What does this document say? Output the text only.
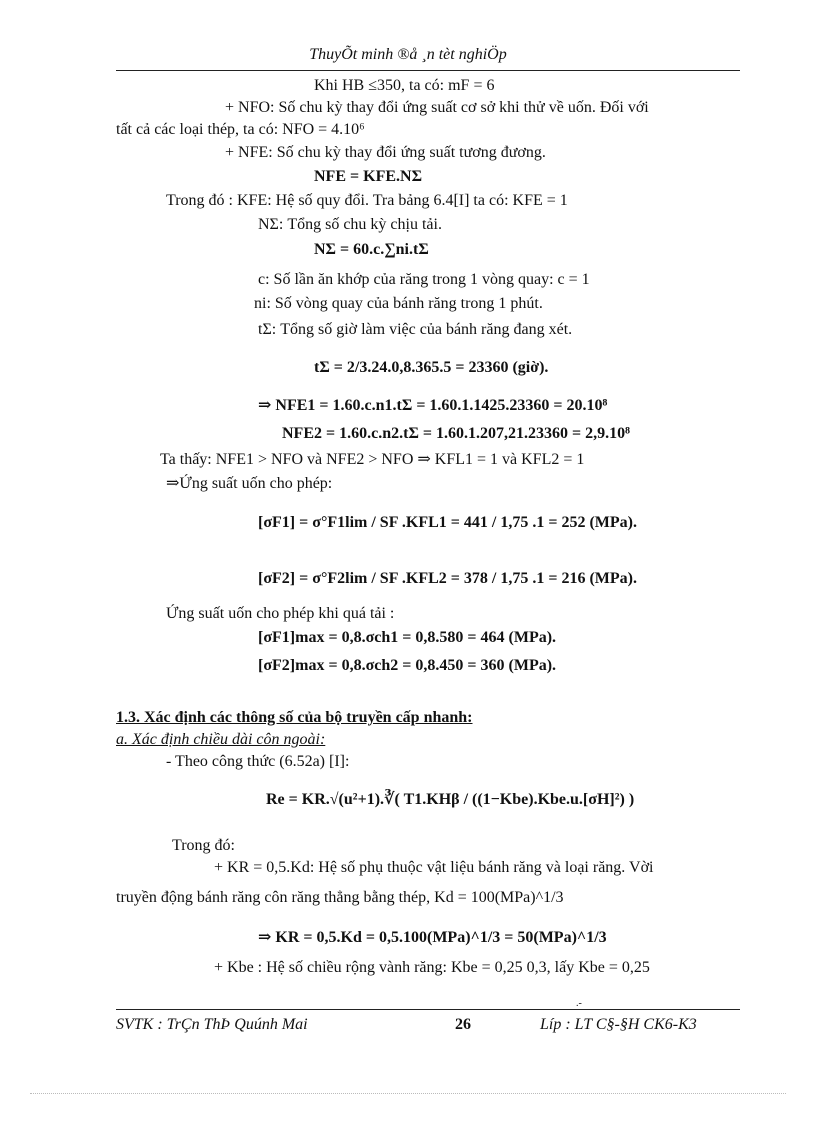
ThuyÕt minh ®å ¸n tèt nghiÖp
Khi HB ≤350, ta có: mF = 6
+ NFO: Số chu kỳ thay đổi ứng suất cơ sở khi thử về uốn. Đối với
tất cả các loại thép, ta có: NFO = 4.10⁶
+ NFE: Số chu kỳ thay đổi ứng suất tương đương.
NFE = KFE.NΣ
Trong đó : KFE: Hệ số quy đổi. Tra bảng 6.4[I] ta có: KFE = 1
NΣ: Tổng số chu kỳ chịu tải.
NΣ = 60.c.∑ni.tΣ
c: Số lần ăn khớp của răng trong 1 vòng quay: c = 1
ni: Số vòng quay của bánh răng trong 1 phút.
tΣ: Tổng số giờ làm việc của bánh răng đang xét.
tΣ = 2/3.24.0,8.365.5 = 23360 (giờ).
⇒ NFE1 = 1.60.c.n1.tΣ = 1.60.1.1425.23360 = 20.10⁸
NFE2 = 1.60.c.n2.tΣ = 1.60.1.207,21.23360 = 2,9.10⁸
Ta thấy: NFE1 > NFO và NFE2 > NFO ⇒ KFL1 = 1 và KFL2 = 1
⇒Ứng suất uốn cho phép:
[σF1] = σ°F1lim / SF .KFL1 = 441 / 1,75 .1 = 252 (MPa).
[σF2] = σ°F2lim / SF .KFL2 = 378 / 1,75 .1 = 216 (MPa).
Ứng suất uốn cho phép khi quá tải :
[σF1]max = 0,8.σch1 = 0,8.580 = 464 (MPa).
[σF2]max = 0,8.σch2 = 0,8.450 = 360 (MPa).
1.3. Xác định các thông số của bộ truyền cấp nhanh:
a. Xác định chiều dài côn ngoài:
- Theo công thức (6.52a) [I]:
Re = KR.√(u²+1).∛( T1.KHβ / ((1−Kbe).Kbe.u.[σH]²) )
Trong đó:
+ KR = 0,5.Kd: Hệ số phụ thuộc vật liệu bánh răng và loại răng. Vời
truyền động bánh răng côn răng thẳng bằng thép, Kd = 100(MPa)^1/3
⇒ KR = 0,5.Kd = 0,5.100(MPa)^1/3 = 50(MPa)^1/3
+ Kbe : Hệ số chiều rộng vành răng: Kbe = 0,25 0,3, lấy Kbe = 0,25
.-
SVTK : TrÇn ThÞ Quúnh Mai	26	Líp : LT C§-§H CK6-K3
